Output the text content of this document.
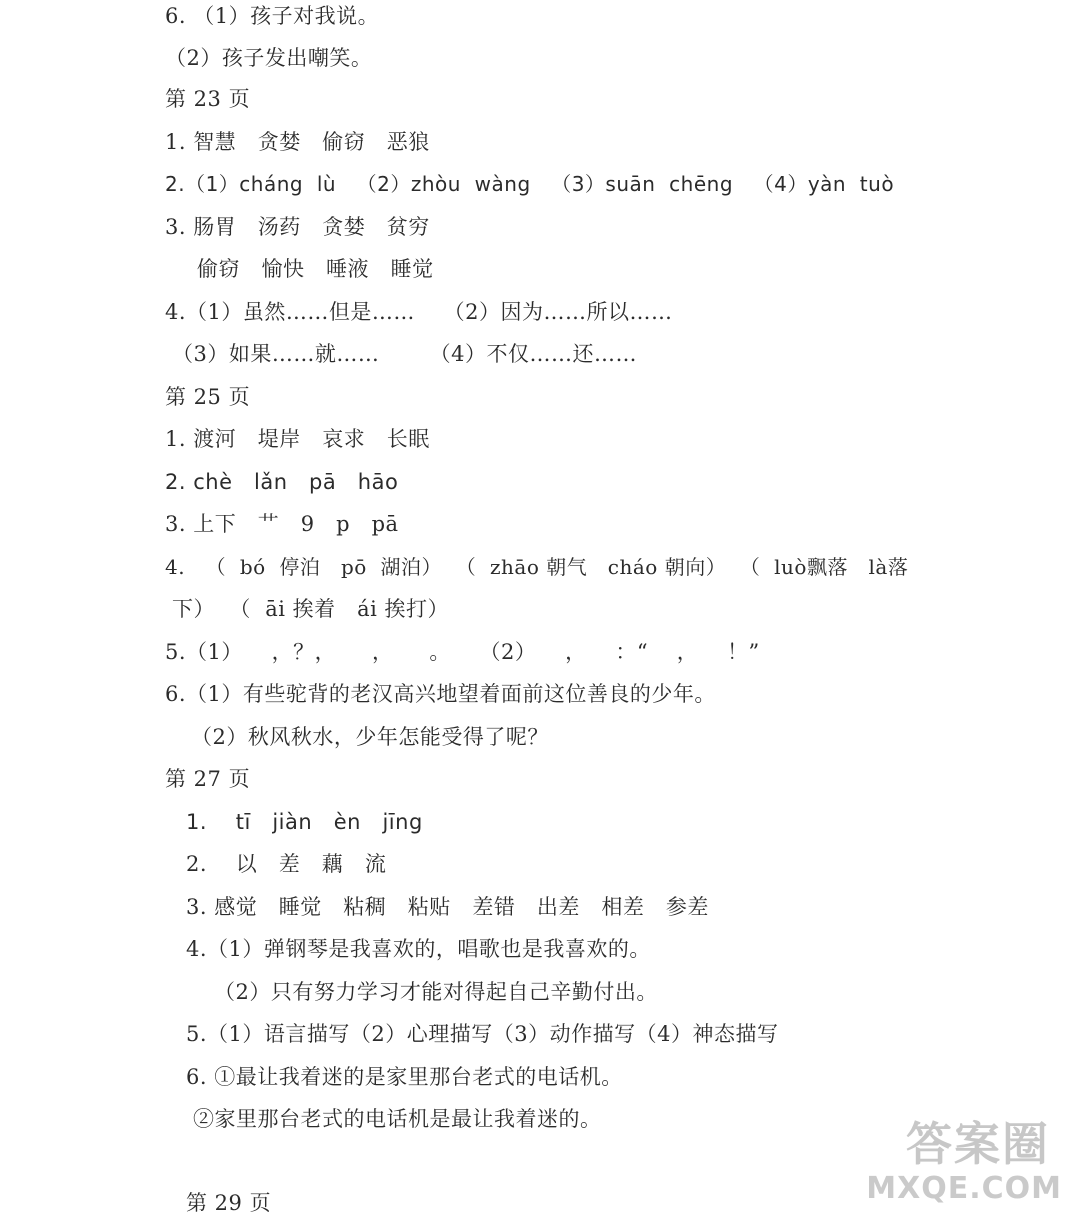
6. （1）孩子对我说。
（2）孩子发出嘲笑。
第 23 页
1. 智慧   贪婪   偷窃   恶狼
2.（1）cháng  lù   （2）zhòu  wàng   （3）suān  chēng   （4）yàn  tuò
3. 肠胃   汤药   贪婪   贫穷
偷窃   愉快   唾液   睡觉
4.（1）虽然……但是……    （2）因为……所以……
（3）如果……就……       （4）不仅……还……
第 25 页
1. 渡河   堤岸   哀求   长眠
2. chè   lǎn   pā   hāo
3. 上下   艹   9   p   pā
4.   （  bó  停泊   pō  湖泊）  （  zhāo 朝气   cháo 朝向）  （  luò飘落   là落
下）  （  āi 挨着   ái 挨打）
5.（1）    ，？，     ，     。    （2）    ，    ：“    ，    ！”
6.（1）有些驼背的老汉高兴地望着面前这位善良的少年。
（2）秋风秋水，少年怎能受得了呢？
第 27 页
1.    tī   jiàn   èn   jīng
2.    以   差   藕   流
3. 感觉   睡觉   粘稠   粘贴   差错   出差   相差   参差
4.（1）弹钢琴是我喜欢的，唱歌也是我喜欢的。
（2）只有努力学习才能对得起自己辛勤付出。
5.（1）语言描写（2）心理描写（3）动作描写（4）神态描写
6. ①最让我着迷的是家里那台老式的电话机。
②家里那台老式的电话机是最让我着迷的。
第 29 页
答案圈
MXQE.COM
